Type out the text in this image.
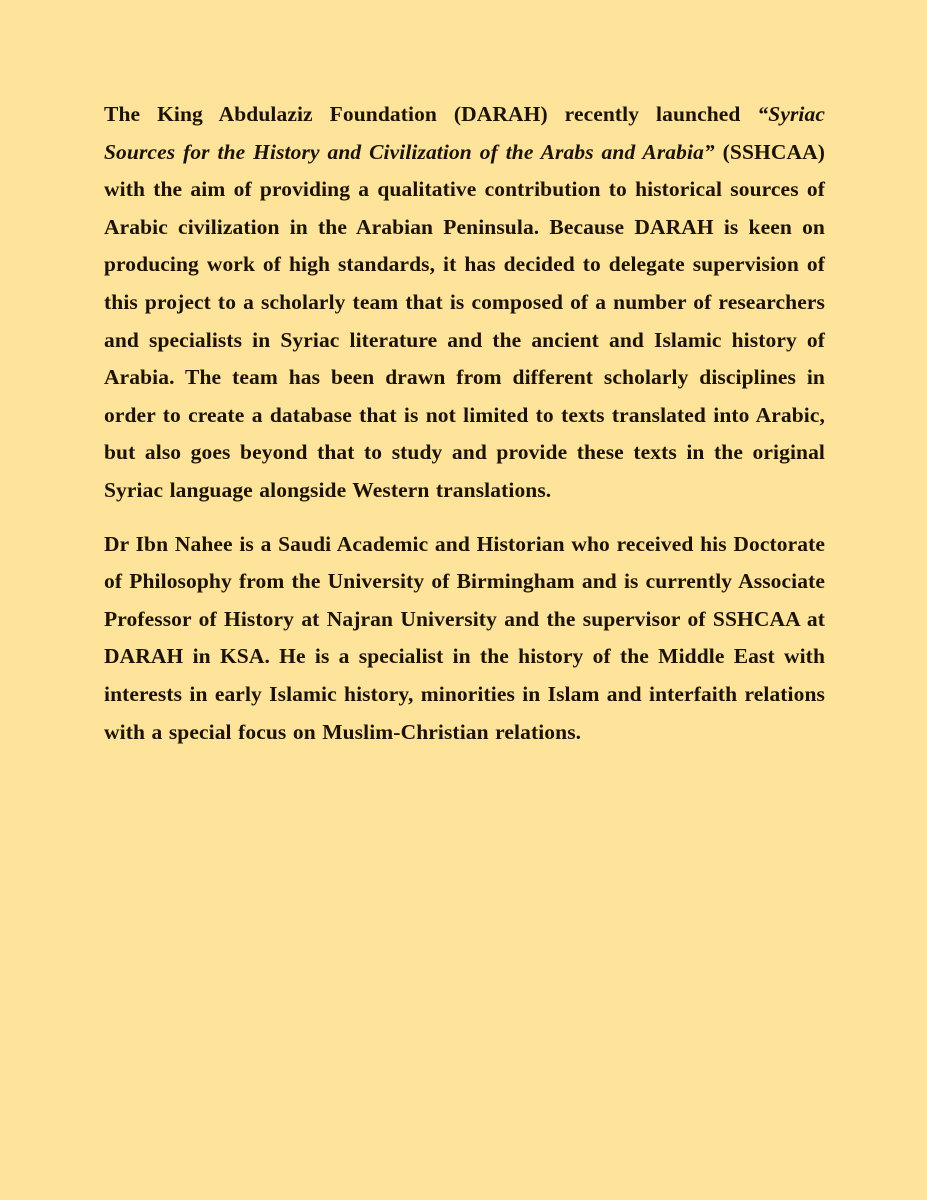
The King Abdulaziz Foundation (DARAH) recently launched “Syriac Sources for the History and Civilization of the Arabs and Arabia” (SSHCAA) with the aim of providing a qualitative contribution to historical sources of Arabic civilization in the Arabian Peninsula. Because DARAH is keen on producing work of high standards, it has decided to delegate supervision of this project to a scholarly team that is composed of a number of researchers and specialists in Syriac literature and the ancient and Islamic history of Arabia. The team has been drawn from different scholarly disciplines in order to create a database that is not limited to texts translated into Arabic, but also goes beyond that to study and provide these texts in the original Syriac language alongside Western translations.

Dr Ibn Nahee is a Saudi Academic and Historian who received his Doctorate of Philosophy from the University of Birmingham and is currently Associate Professor of History at Najran University and the supervisor of SSHCAA at DARAH in KSA. He is a specialist in the history of the Middle East with interests in early Islamic history, minorities in Islam and interfaith relations with a special focus on Muslim-Christian relations.
